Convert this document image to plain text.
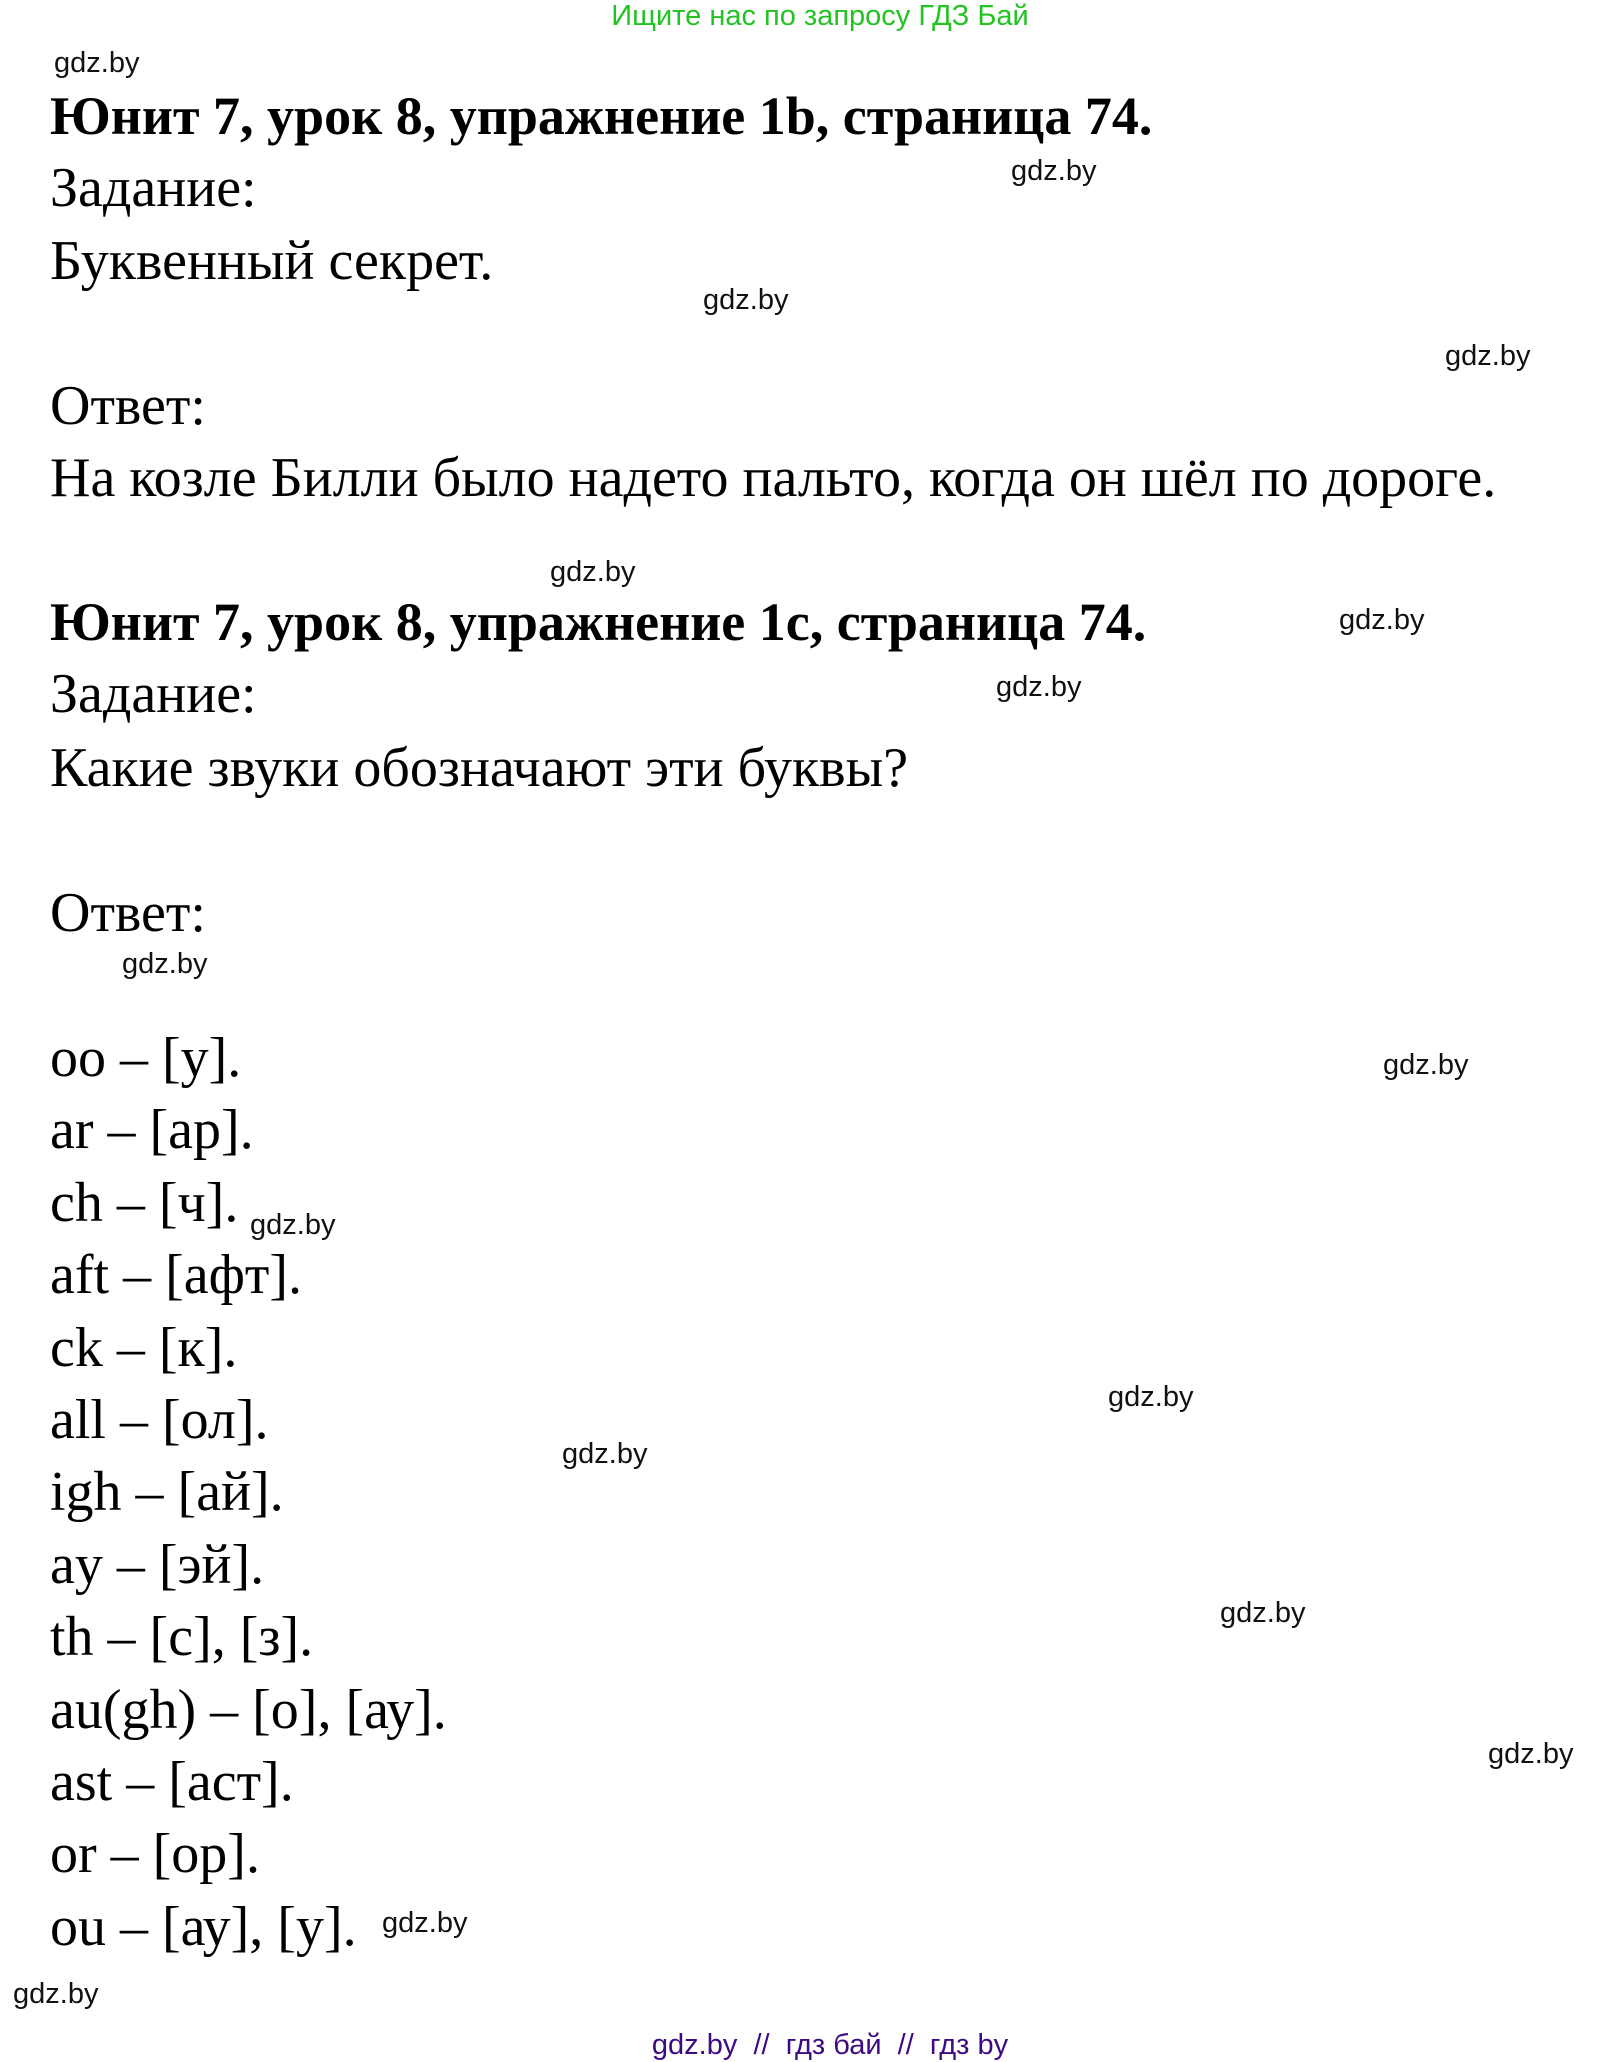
Ищите нас по запросу ГДЗ Бай
Юнит 7, урок 8, упражнение 1b, страница 74.
Задание:
Буквенный секрет.
Ответ:
На козле Билли было надето пальто, когда он шёл по дороге.
Юнит 7, урок 8, упражнение 1c, страница 74.
Задание:
Какие звуки обозначают эти буквы?
Ответ:
oo – [у].
ar – [ар].
ch – [ч].
aft – [афт].
ck – [к].
all – [ол].
igh – [ай].
ay – [эй].
th – [с], [з].
au(gh) – [о], [ау].
ast – [аст].
or – [ор].
ou – [ау], [у].
gdz.by
gdz.by
gdz.by
gdz.by
gdz.by
gdz.by
gdz.by
gdz.by
gdz.by
gdz.by
gdz.by
gdz.by
gdz.by
gdz.by
gdz.by
gdz.by
gdz.by // гдз бай // гдз by
